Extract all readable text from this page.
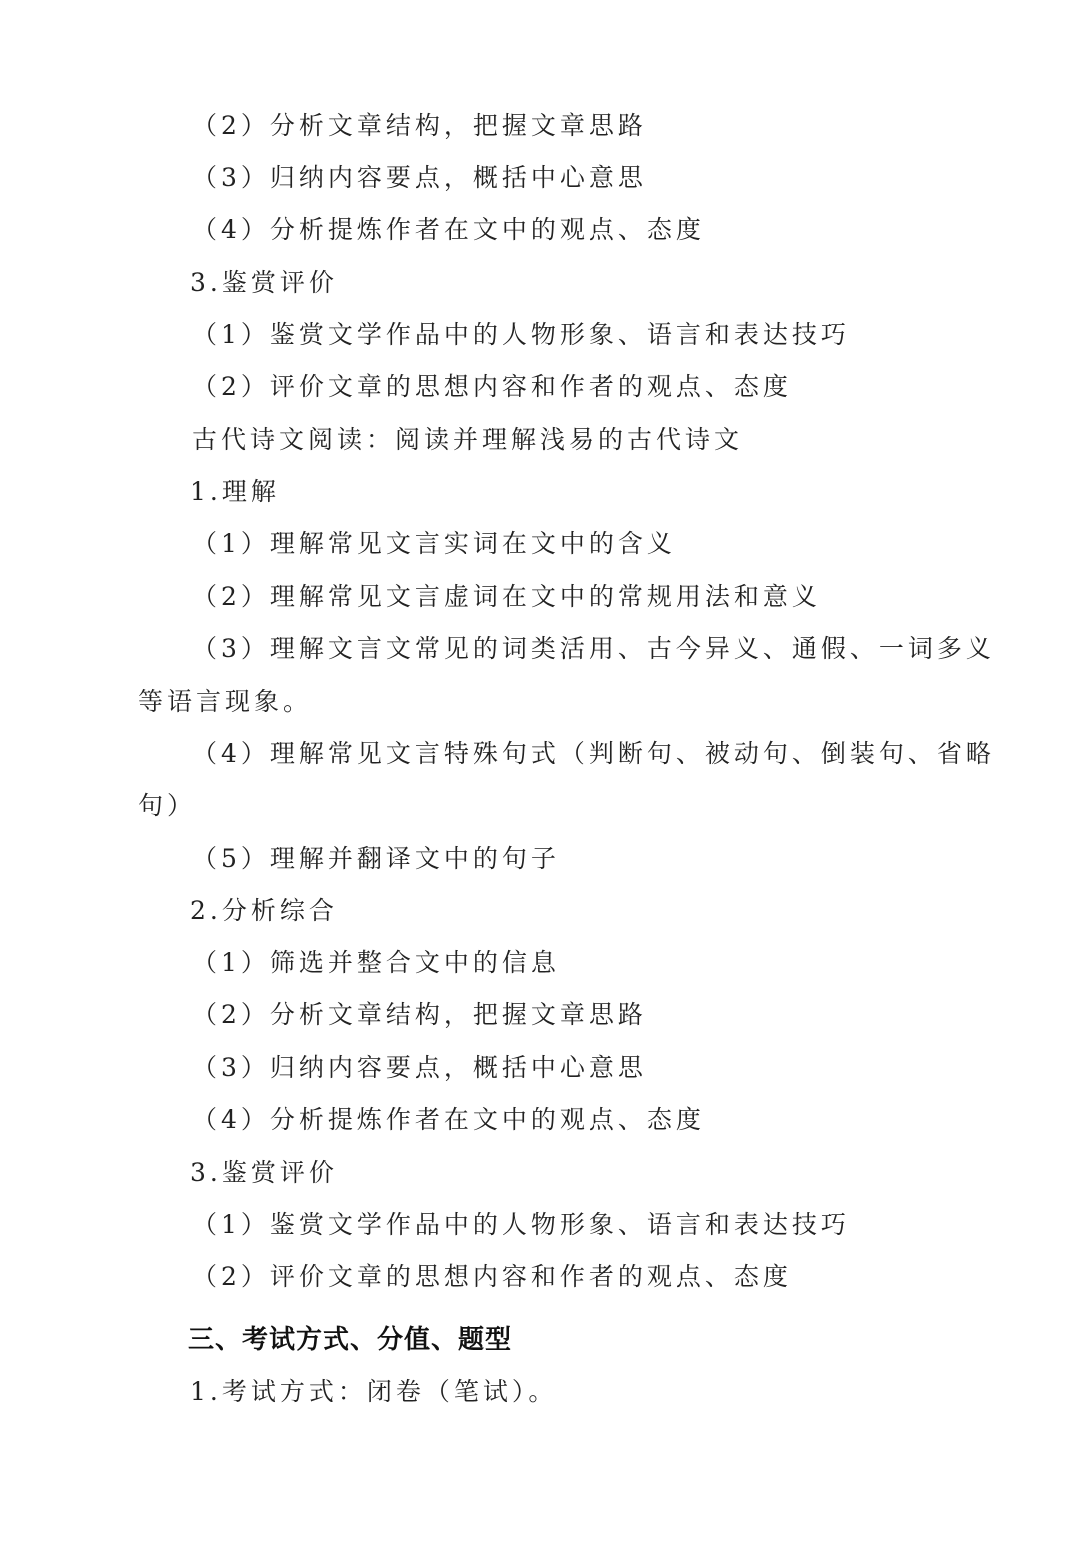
（2）分析文章结构，把握文章思路
（3）归纳内容要点，概括中心意思
（4）分析提炼作者在文中的观点、态度
3.鉴赏评价
（1）鉴赏文学作品中的人物形象、语言和表达技巧
（2）评价文章的思想内容和作者的观点、态度
古代诗文阅读：阅读并理解浅易的古代诗文
1.理解
（1）理解常见文言实词在文中的含义
（2）理解常见文言虚词在文中的常规用法和意义
（3）理解文言文常见的词类活用、古今异义、通假、一词多义
等语言现象。
（4）理解常见文言特殊句式（判断句、被动句、倒装句、省略
句）
（5）理解并翻译文中的句子
2.分析综合
（1）筛选并整合文中的信息
（2）分析文章结构，把握文章思路
（3）归纳内容要点，概括中心意思
（4）分析提炼作者在文中的观点、态度
3.鉴赏评价
（1）鉴赏文学作品中的人物形象、语言和表达技巧
（2）评价文章的思想内容和作者的观点、态度
三、考试方式、分值、题型
1.考试方式：闭卷（笔试）。
